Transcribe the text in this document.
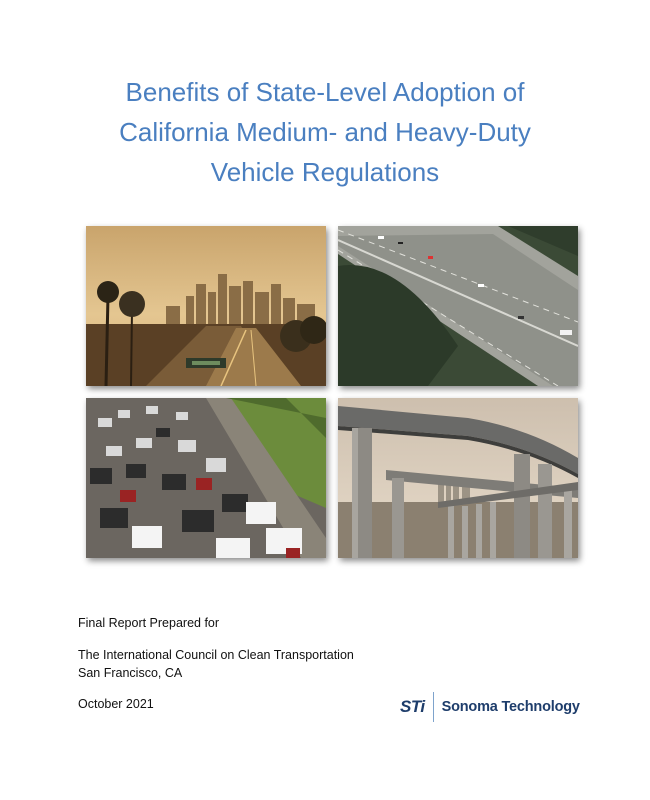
Benefits of State-Level Adoption of
California Medium- and Heavy-Duty
Vehicle Regulations

Final Report Prepared for

The International Council on Clean Transportation

San Francisco, CA

October 2021	STi Sonoma Technology
